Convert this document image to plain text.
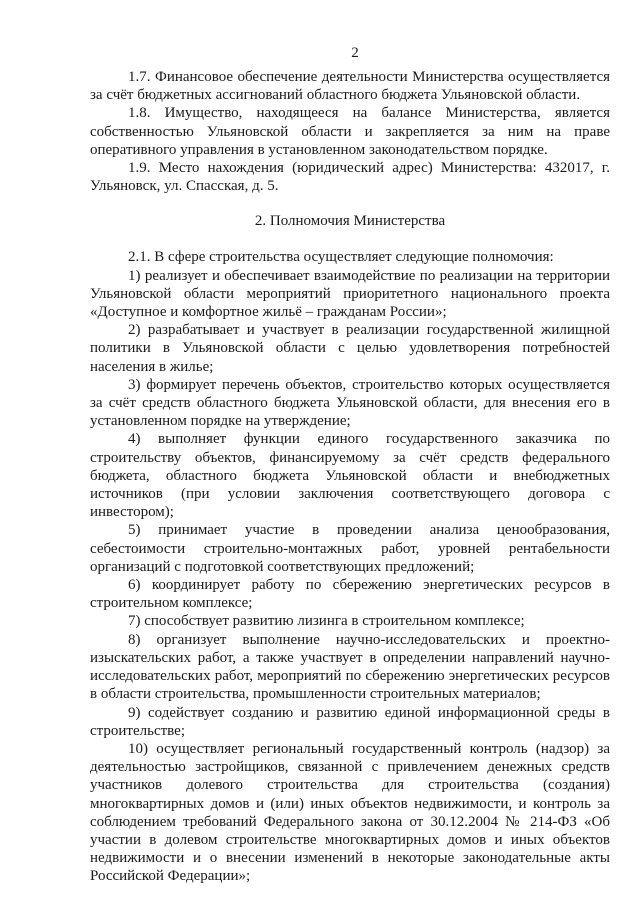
2

1.7. Финансовое обеспечение деятельности Министерства осуществляется за счёт бюджетных ассигнований областного бюджета Ульяновской области.

1.8. Имущество, находящееся на балансе Министерства, является собственностью Ульяновской области и закрепляется за ним на праве оперативного управления в установленном законодательством порядке.

1.9. Место нахождения (юридический адрес) Министерства: 432017, г. Ульяновск, ул. Спасская, д. 5.

2. Полномочия Министерства

2.1. В сфере строительства осуществляет следующие полномочия:

1) реализует и обеспечивает взаимодействие по реализации на территории Ульяновской области мероприятий приоритетного национального проекта «Доступное и комфортное жильё – гражданам России»;

2) разрабатывает и участвует в реализации государственной жилищной политики в Ульяновской области с целью удовлетворения потребностей населения в жилье;

3) формирует перечень объектов, строительство которых осуществляется за счёт средств областного бюджета Ульяновской области, для внесения его в установленном порядке на утверждение;

4) выполняет функции единого государственного заказчика по строительству объектов, финансируемому за счёт средств федерального бюджета, областного бюджета Ульяновской области и внебюджетных источников (при условии заключения соответствующего договора с инвестором);

5) принимает участие в проведении анализа ценообразования, себестоимости строительно-монтажных работ, уровней рентабельности организаций с подготовкой соответствующих предложений;

6) координирует работу по сбережению энергетических ресурсов в строительном комплексе;

7) способствует развитию лизинга в строительном комплексе;

8) организует выполнение научно-исследовательских и проектно-изыскательских работ, а также участвует в определении направлений научно-исследовательских работ, мероприятий по сбережению энергетических ресурсов в области строительства, промышленности строительных материалов;

9) содействует созданию и развитию единой информационной среды в строительстве;

10) осуществляет региональный государственный контроль (надзор) за деятельностью застройщиков, связанной с привлечением денежных средств участников долевого строительства для строительства (создания) многоквартирных домов и (или) иных объектов недвижимости, и контроль за соблюдением требований Федерального закона от 30.12.2004 № 214-ФЗ «Об участии в долевом строительстве многоквартирных домов и иных объектов недвижимости и о внесении изменений в некоторые законодательные акты Российской Федерации»;
